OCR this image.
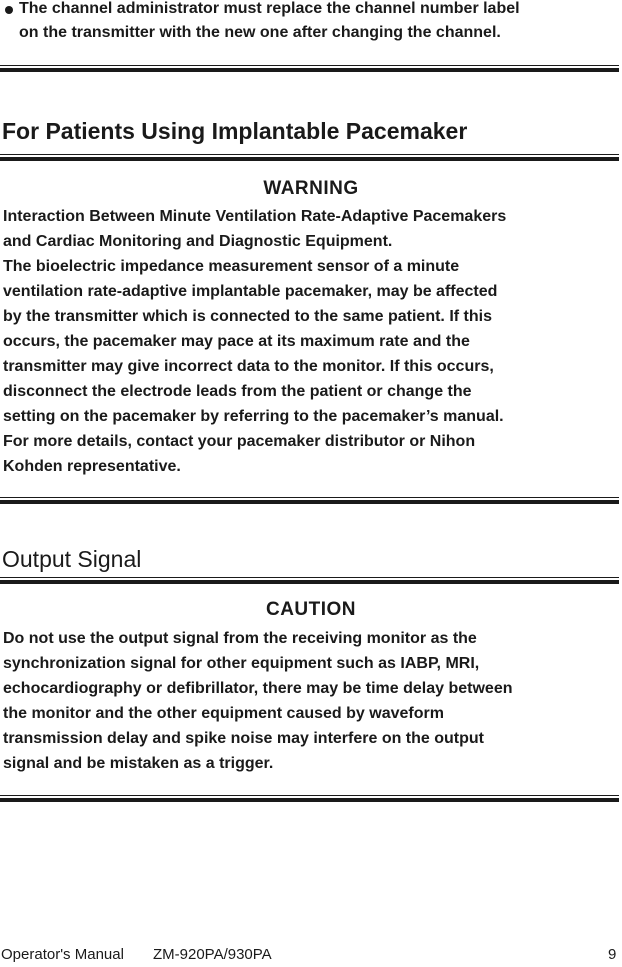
The channel administrator must replace the channel number label
on the transmitter with the new one after changing the channel.
For Patients Using Implantable Pacemaker
WARNING
Interaction Between Minute Ventilation Rate-Adaptive Pacemakers
and Cardiac Monitoring and Diagnostic Equipment.
The bioelectric impedance measurement sensor of a minute
ventilation rate-adaptive implantable pacemaker, may be affected
by the transmitter which is connected to the same patient. If this
occurs, the pacemaker may pace at its maximum rate and the
transmitter may give incorrect data to the monitor. If this occurs,
disconnect the electrode leads from the patient or change the
setting on the pacemaker by referring to the pacemaker’s manual.
For more details, contact your pacemaker distributor or Nihon
Kohden representative.
Output Signal
CAUTION
Do not use the output signal from the receiving monitor as the
synchronization signal for other equipment such as IABP, MRI,
echocardiography or defibrillator, there may be time delay between
the monitor and the other equipment caused by waveform
transmission delay and spike noise may interfere on the output
signal and be mistaken as a trigger.
Operator's Manual ZM-920PA/930PA	9
